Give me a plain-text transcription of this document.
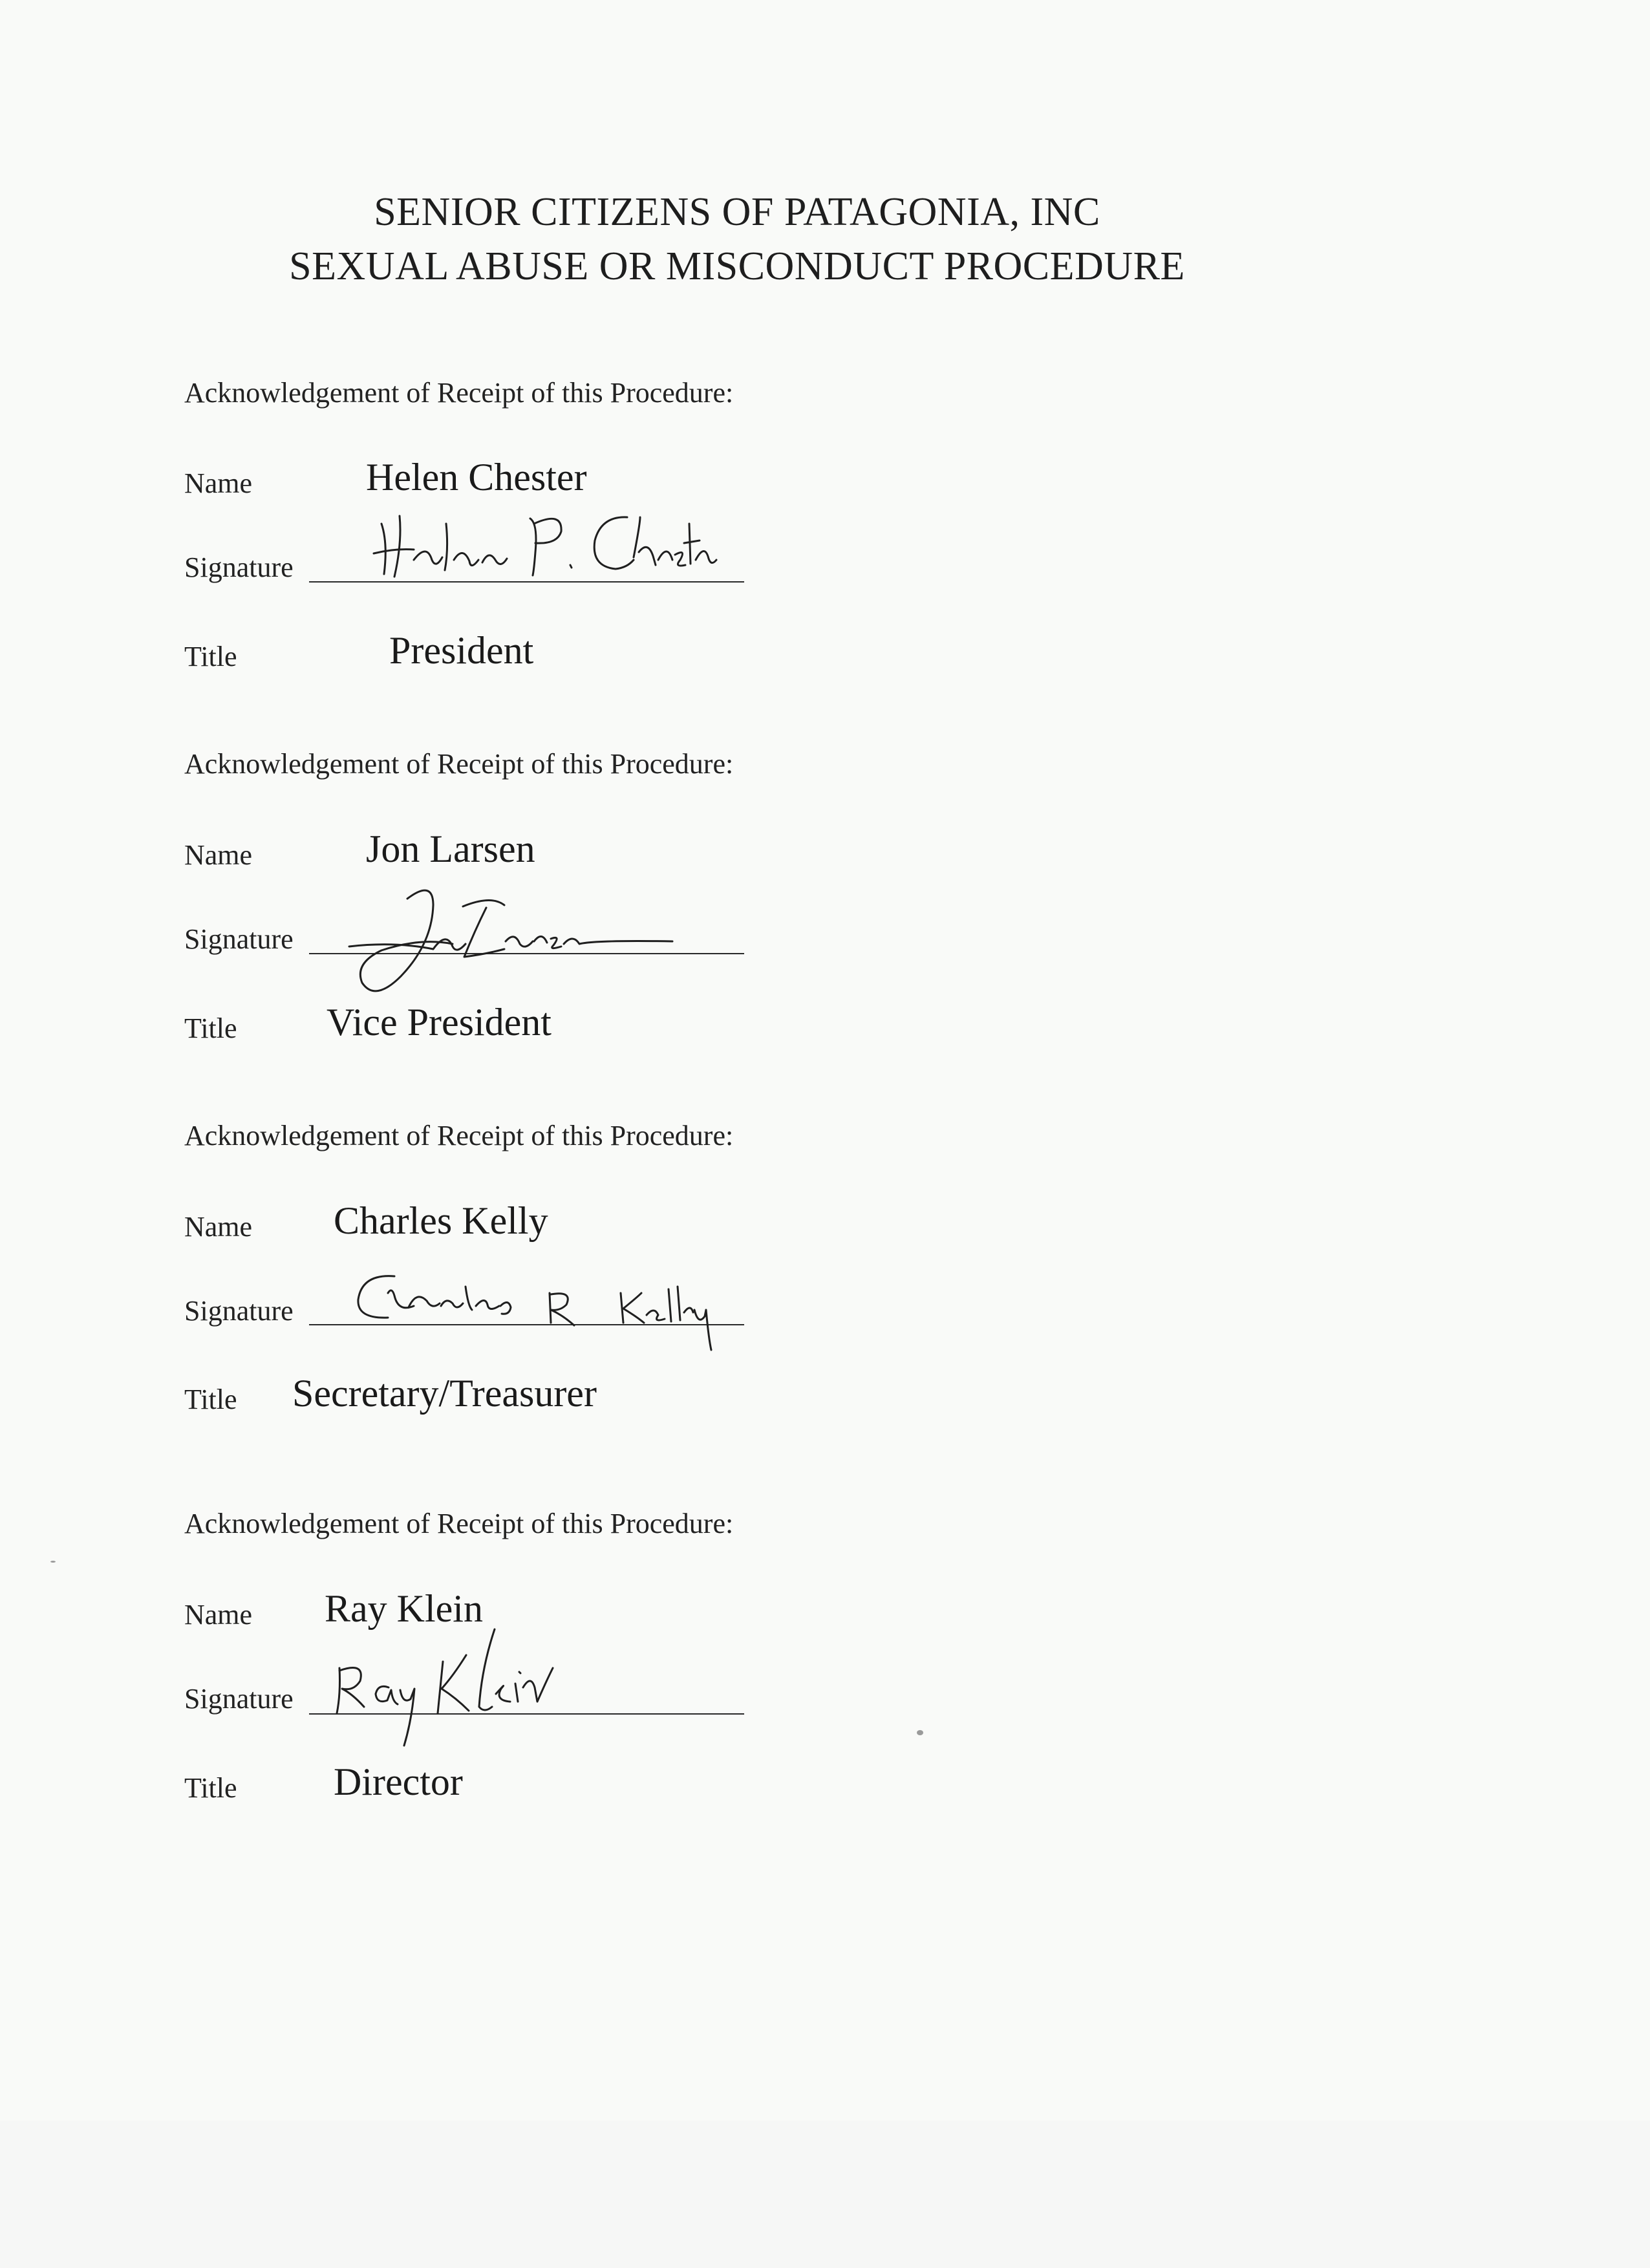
SENIOR CITIZENS OF PATAGONIA, INC
SEXUAL ABUSE OR MISCONDUCT PROCEDURE
Acknowledgement of Receipt of this Procedure:
Name	Helen Chester
Signature
Title	President
Acknowledgement of Receipt of this Procedure:
Name	Jon Larsen
Signature
Title Vice President
Acknowledgement of Receipt of this Procedure:
Name Charles Kelly
Signature
Title Secretary/Treasurer
Acknowledgement of Receipt of this Procedure:
Name Ray Klein
Signature
Title Director
